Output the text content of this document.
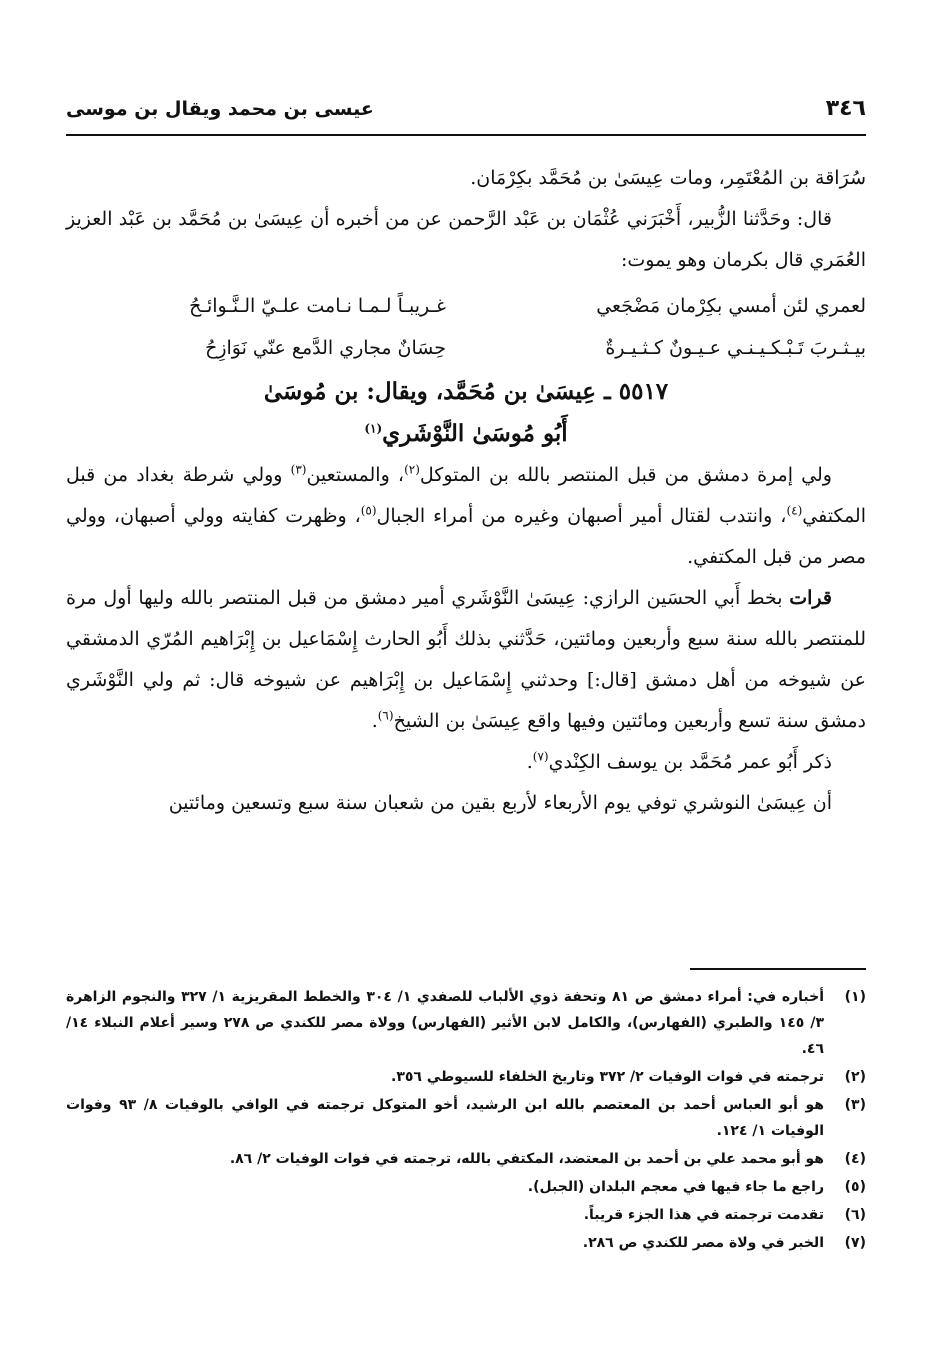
٣٤٦
عيسى بن محمد ويقال بن موسى

سُرَاقة بن المُعْتَمِر، ومات عِيسَىٰ بن مُحَمَّد بكِرْمَان.

قال: وحَدَّثنا الزُّبير، أَخْبَرَني عُثْمَان بن عَبْد الرَّحمن عن من أخبره أن عِيسَىٰ بن مُحَمَّد بن عَبْد العزيز العُمَري قال بكرمان وهو يموت:

لعمري لئن أمسي بكِرْمان مَضْجَعي
غـريبـاً لـمـا نـامت علـيّ الـنَّـوائـحُ
بيـثـربَ تَـبْـكـيـنـي عـيـونٌ كـثـيـرةٌ
حِسَانٌ مجاري الدَّمع عنّي نَوَازِحُ

٥٥١٧ ـ عِيسَىٰ بن مُحَمَّد، ويقال: بن مُوسَىٰ

أَبُو مُوسَىٰ النَّوْشَري$^{(١)}$

ولي إمرة دمشق من قبل المنتصر بالله بن المتوكل$^{(٢)}$، والمستعين$^{(٣)}$ وولي شرطة بغداد من قبل المكتفي$^{(٤)}$، وانتدب لقتال أمير أصبهان وغيره من أمراء الجبال$^{(٥)}$، وظهرت كفايته وولي أصبهان، وولي مصر من قبل المكتفي.

قرات بخط أَبي الحسَين الرازي: عِيسَىٰ النَّوْشَري أمير دمشق من قبل المنتصر بالله وليها أول مرة للمنتصر بالله سنة سبع وأربعين ومائتين، حَدَّثني بذلك أَبُو الحارث إِسْمَاعيل بن إِبْرَاهيم المُرّي الدمشقي عن شيوخه من أهل دمشق [قال:] وحدثني إِسْمَاعيل بن إِبْرَاهيم عن شيوخه قال: ثم ولي النَّوْشَري دمشق سنة تسع وأربعين ومائتين وفيها واقع عِيسَىٰ بن الشيخ$^{(٦)}$.

ذكر أَبُو عمر مُحَمَّد بن يوسف الكِنْدي$^{(٧)}$.

أن عِيسَىٰ النوشري توفي يوم الأربعاء لأربع بقين من شعبان سنة سبع وتسعين ومائتين

(١)
أخباره في: أمراء دمشق ص ٨١ وتحفة ذوي الألباب للصفدي ١/ ٣٠٤ والخطط المقريزية ١/ ٣٢٧ والنجوم الزاهرة ٣/ ١٤٥ والطبري (الفهارس)، والكامل لابن الأثير (الفهارس) وولاة مصر للكندي ص ٢٧٨ وسير أعلام النبلاء ١٤/ ٤٦.
(٢)
ترجمته في فوات الوفيات ٢/ ٣٧٢ وتاريخ الخلفاء للسيوطي ٣٥٦.
(٣)
هو أبو العباس أحمد بن المعتصم بالله ابن الرشيد، أخو المتوكل ترجمته في الوافي بالوفيات ٨/ ٩٣ وفوات الوفيات ١/ ١٢٤.
(٤)
هو أبو محمد علي بن أحمد بن المعتضد، المكتفي بالله، ترجمته في فوات الوفيات ٢/ ٨٦.
(٥)
راجع ما جاء فيها في معجم البلدان (الجبل).
(٦)
تقدمت ترجمته في هذا الجزء قريباً.
(٧)
الخبر في ولاة مصر للكندي ص ٢٨٦.
